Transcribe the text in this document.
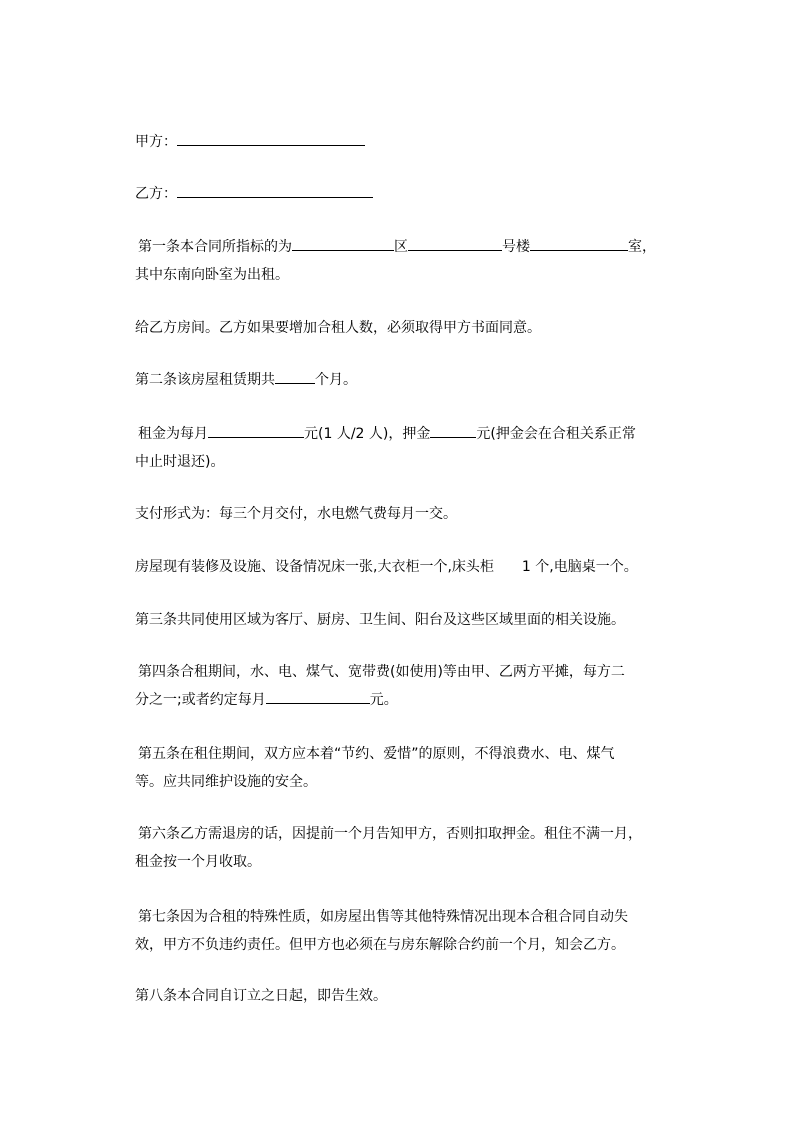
甲方：
乙方：
第一条本合同所指标的为	区	号楼	室，
其中东南向卧室为出租。
给乙方房间。乙方如果要增加合租人数，必须取得甲方书面同意。
第二条该房屋租赁期共	个月。
租金为每月	元(1 人/2 人)，押金	元(押金会在合租关系正常
中止时退还)。
支付形式为：每三个月交付，水电燃气费每月一交。
房屋现有装修及设施、设备情况床一张,大衣柜一个,床头柜　　1 个,电脑桌一个。
第三条共同使用区域为客厅、厨房、卫生间、阳台及这些区域里面的相关设施。
第四条合租期间，水、电、煤气、宽带费(如使用)等由甲、乙两方平摊，每方二
分之一;或者约定每月	元。
第五条在租住期间，双方应本着“节约、爱惜”的原则，不得浪费水、电、煤气
等。应共同维护设施的安全。
第六条乙方需退房的话，因提前一个月告知甲方，否则扣取押金。租住不满一月，
租金按一个月收取。
第七条因为合租的特殊性质，如房屋出售等其他特殊情况出现本合租合同自动失
效，甲方不负违约责任。但甲方也必须在与房东解除合约前一个月，知会乙方。
第八条本合同自订立之日起，即告生效。
